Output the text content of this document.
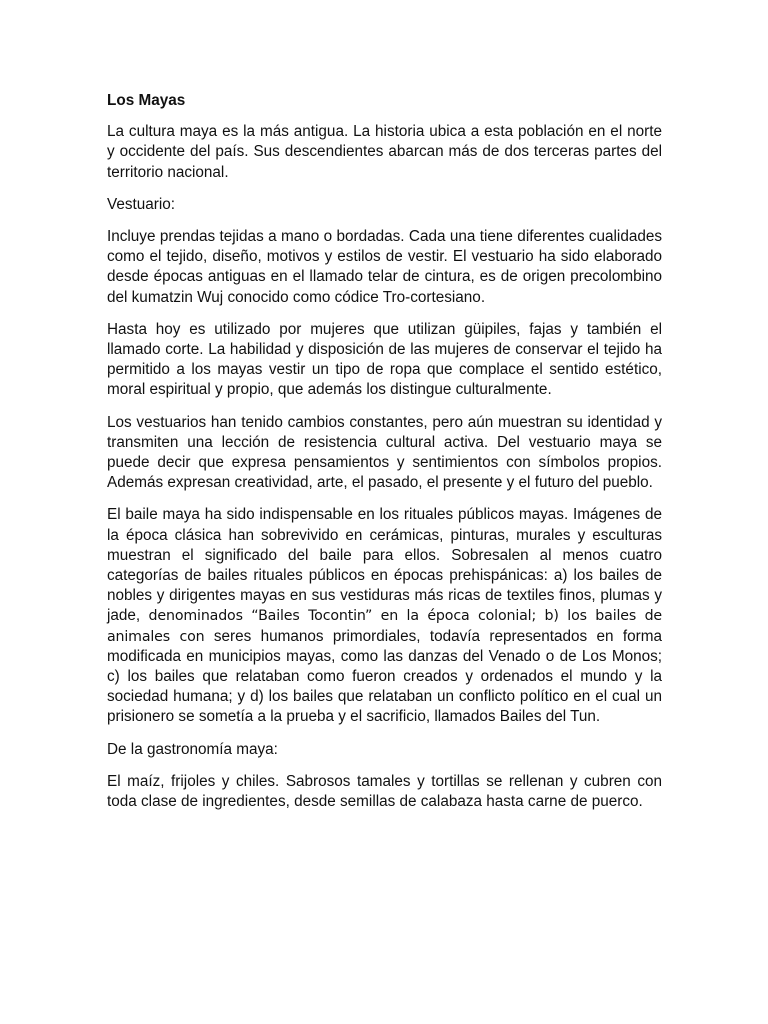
Los Mayas

La cultura maya es la más antigua. La historia ubica a esta población en el norte y occidente del país. Sus descendientes abarcan más de dos terceras partes del territorio nacional.

Vestuario:

Incluye prendas tejidas a mano o bordadas. Cada una tiene diferentes cualidades como el tejido, diseño, motivos y estilos de vestir. El vestuario ha sido elaborado desde épocas antiguas en el llamado telar de cintura, es de origen precolombino del kumatzin Wuj conocido como códice Tro-cortesiano.

Hasta hoy es utilizado por mujeres que utilizan güipiles, fajas y también el llamado corte. La habilidad y disposición de las mujeres de conservar el tejido ha permitido a los mayas vestir un tipo de ropa que complace el sentido estético, moral espiritual y propio, que además los distingue culturalmente.

Los vestuarios han tenido cambios constantes, pero aún muestran su identidad y transmiten una lección de resistencia cultural activa. Del vestuario maya se puede decir que expresa pensamientos y sentimientos con símbolos propios. Además expresan creatividad, arte, el pasado, el presente y el futuro del pueblo.

El baile maya ha sido indispensable en los rituales públicos mayas. Imágenes de la época clásica han sobrevivido en cerámicas, pinturas, murales y esculturas muestran el significado del baile para ellos. Sobresalen al menos cuatro categorías de bailes rituales públicos en épocas prehispánicas: a) los bailes de nobles y dirigentes mayas en sus vestiduras más ricas de textiles finos, plumas y jade, denominados “Bailes Tocontin” en la época colonial; b) los bailes de animales con seres humanos primordiales, todavía representados en forma modificada en municipios mayas, como las danzas del Venado o de Los Monos; c) los bailes que relataban como fueron creados y ordenados el mundo y la sociedad humana; y d) los bailes que relataban un conflicto político en el cual un prisionero se sometía a la prueba y el sacrificio, llamados Bailes del Tun.

De la gastronomía maya:

El maíz, frijoles y chiles. Sabrosos tamales y tortillas se rellenan y cubren con toda clase de ingredientes, desde semillas de calabaza hasta carne de puerco.
